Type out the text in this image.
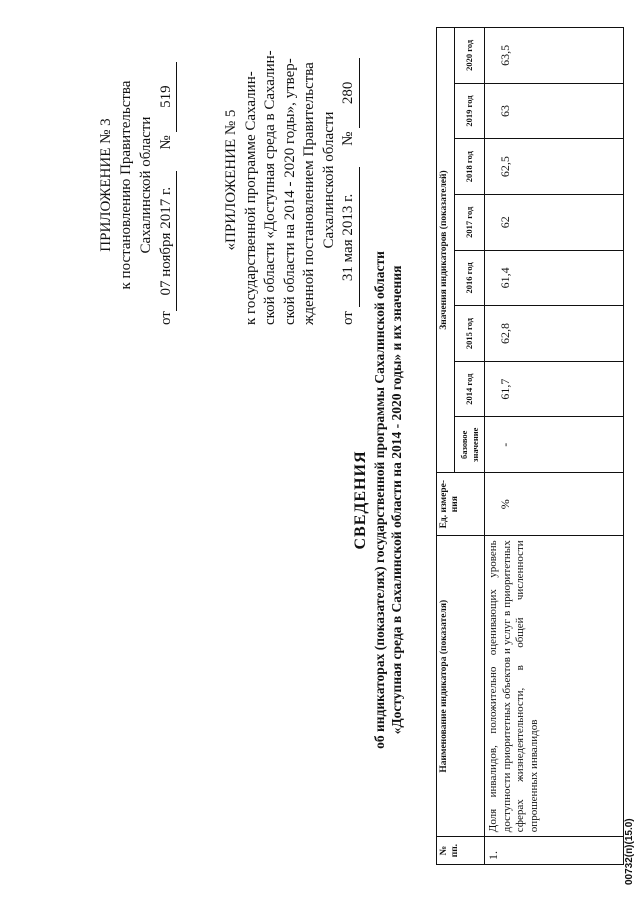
ПРИЛОЖЕНИЕ № 3 к постановлению Правительства Сахалинской области
от07 ноября 2017 г.  № 519
«ПРИЛОЖЕНИЕ № 5 к государственной программе Сахалин- ской области «Доступная среда в Сахалин- ской области на 2014 - 2020 годы», утвер- жденной постановлением Правительства Сахалинской области
от 31 мая 2013 г.  № 280
СВЕДЕНИЯ об индикаторах (показателях) государственной программы Сахалинской области «Доступная среда в Сахалинской области на 2014 - 2020 годы» и их значения
№ пп.	Наименование индикатора (показателя)	Ед. измере-ния	Значения индикаторов (показателей)							
			базовое значение	2014 год	2015 год	2016 год	2017 год	2018 год	2019 год	2020 год
1.	Доля инвалидов, положительно оценивающих уровень доступности приоритетных объектов и услуг в приоритетных сферах жизнедеятельности, в общей численности опрошенных инвалидов	%	-	61,7	62,8	61,4	62	62,5	63	63,5
00732(п)(15.0)
